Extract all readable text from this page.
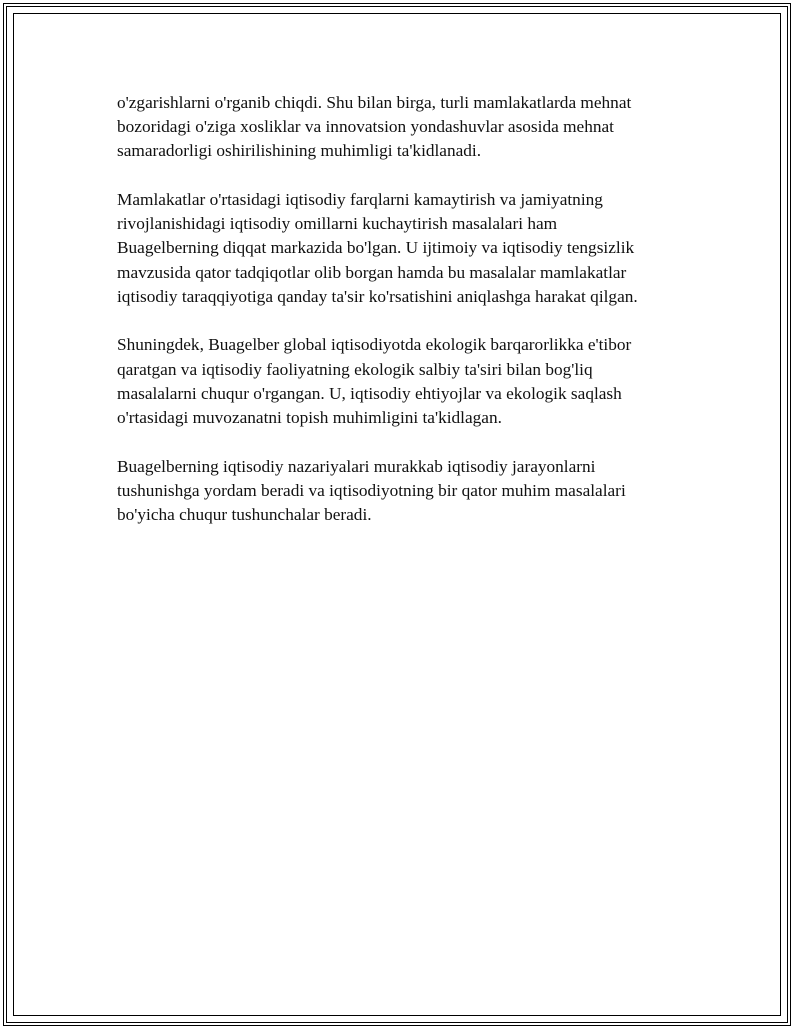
o'zgarishlarni o'rganib chiqdi. Shu bilan birga, turli mamlakatlarda mehnat
bozoridagi o'ziga xosliklar va innovatsion yondashuvlar asosida mehnat
samaradorligi oshirilishining muhimligi ta'kidlanadi.

Mamlakatlar o'rtasidagi iqtisodiy farqlarni kamaytirish va jamiyatning
rivojlanishidagi iqtisodiy omillarni kuchaytirish masalalari ham
Buagelberning diqqat markazida bo'lgan. U ijtimoiy va iqtisodiy tengsizlik
mavzusida qator tadqiqotlar olib borgan hamda bu masalalar mamlakatlar
iqtisodiy taraqqiyotiga qanday ta'sir ko'rsatishini aniqlashga harakat qilgan.

Shuningdek, Buagelber global iqtisodiyotda ekologik barqarorlikka e'tibor
qaratgan va iqtisodiy faoliyatning ekologik salbiy ta'siri bilan bog'liq
masalalarni chuqur o'rgangan. U, iqtisodiy ehtiyojlar va ekologik saqlash
o'rtasidagi muvozanatni topish muhimligini ta'kidlagan.

Buagelberning iqtisodiy nazariyalari murakkab iqtisodiy jarayonlarni
tushunishga yordam beradi va iqtisodiyotning bir qator muhim masalalari
bo'yicha chuqur tushunchalar beradi.
